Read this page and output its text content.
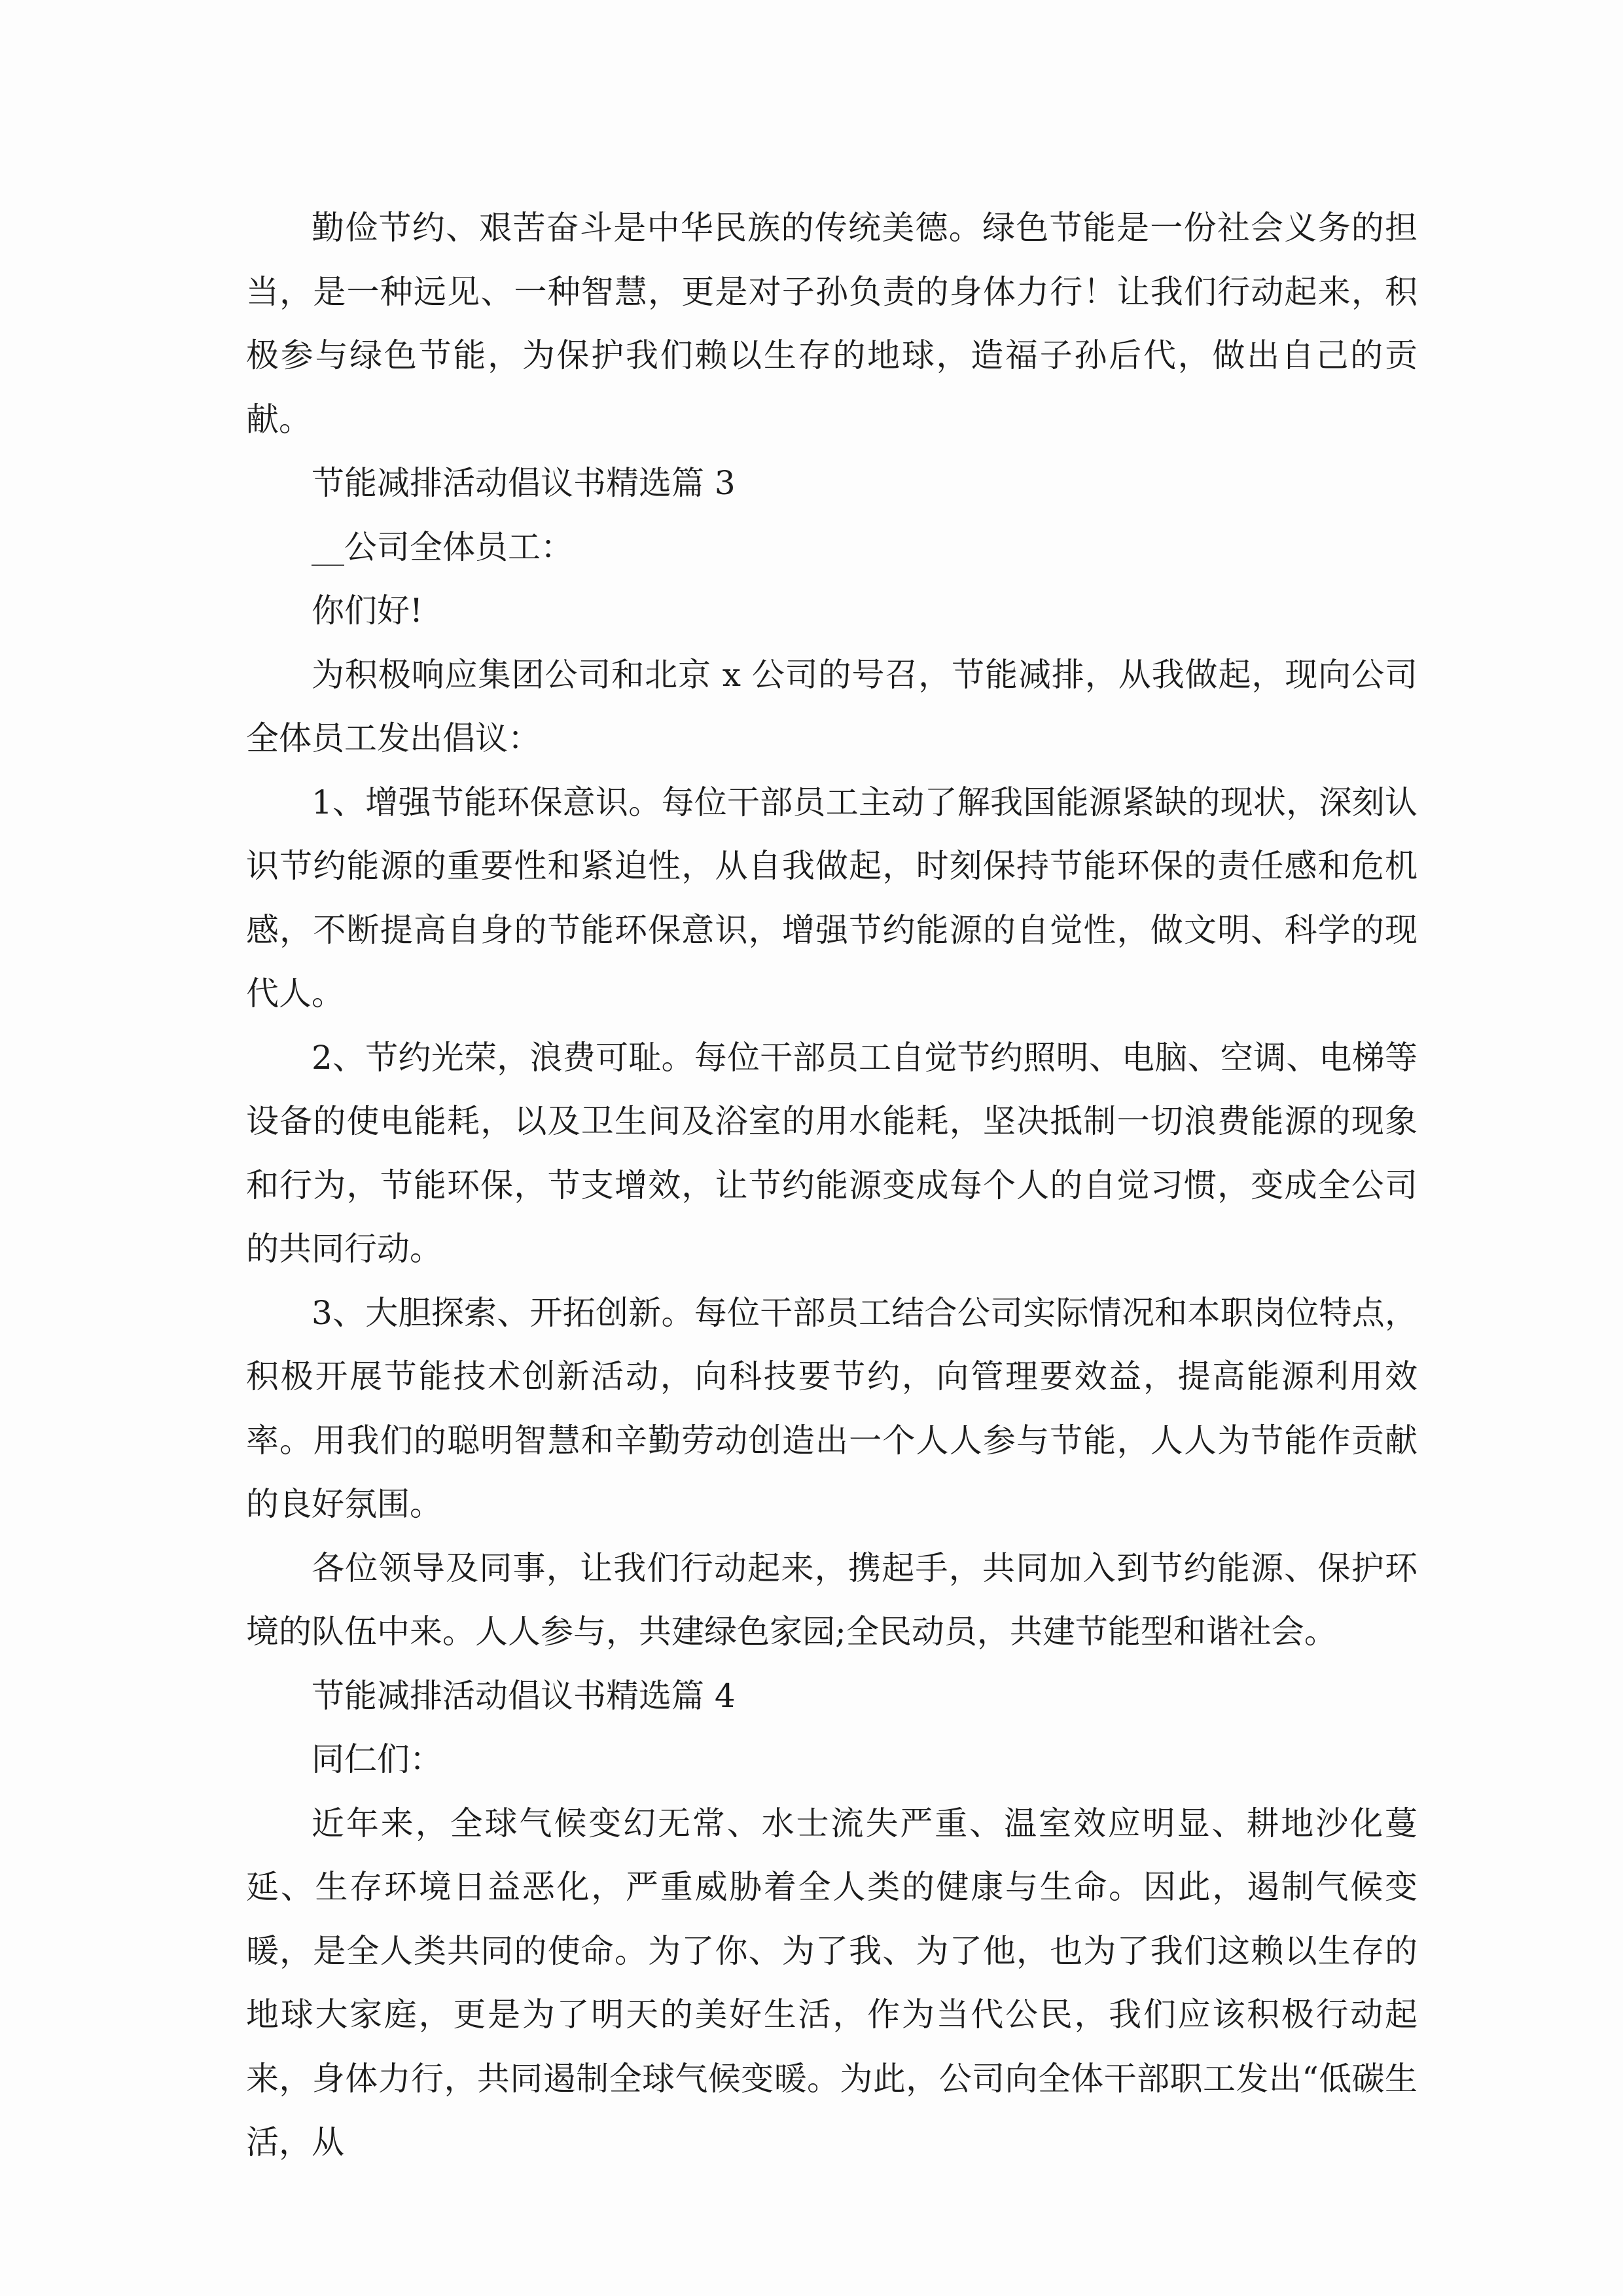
勤俭节约、艰苦奋斗是中华民族的传统美德。绿色节能是一份社会义务的担当，是一种远见、一种智慧，更是对子孙负责的身体力行！让我们行动起来，积极参与绿色节能，为保护我们赖以生存的地球，造福子孙后代，做出自己的贡献。

节能减排活动倡议书精选篇 3

__公司全体员工：

你们好!

为积极响应集团公司和北京 x 公司的号召，节能减排，从我做起，现向公司全体员工发出倡议：

1、增强节能环保意识。每位干部员工主动了解我国能源紧缺的现状，深刻认识节约能源的重要性和紧迫性，从自我做起，时刻保持节能环保的责任感和危机感，不断提高自身的节能环保意识，增强节约能源的自觉性，做文明、科学的现代人。

2、节约光荣，浪费可耻。每位干部员工自觉节约照明、电脑、空调、电梯等设备的使电能耗，以及卫生间及浴室的用水能耗，坚决抵制一切浪费能源的现象和行为，节能环保，节支增效，让节约能源变成每个人的自觉习惯，变成全公司的共同行动。

3、大胆探索、开拓创新。每位干部员工结合公司实际情况和本职岗位特点，积极开展节能技术创新活动，向科技要节约，向管理要效益，提高能源利用效率。用我们的聪明智慧和辛勤劳动创造出一个人人参与节能，人人为节能作贡献的良好氛围。

各位领导及同事，让我们行动起来，携起手，共同加入到节约能源、保护环境的队伍中来。人人参与，共建绿色家园;全民动员，共建节能型和谐社会。

节能减排活动倡议书精选篇 4

同仁们：

近年来，全球气候变幻无常、水士流失严重、温室效应明显、耕地沙化蔓延、生存环境日益恶化，严重威胁着全人类的健康与生命。因此，遏制气候变暖，是全人类共同的使命。为了你、为了我、为了他，也为了我们这赖以生存的地球大家庭，更是为了明天的美好生活，作为当代公民，我们应该积极行动起来，身体力行，共同遏制全球气候变暖。为此，公司向全体干部职工发出“低碳生活，从
